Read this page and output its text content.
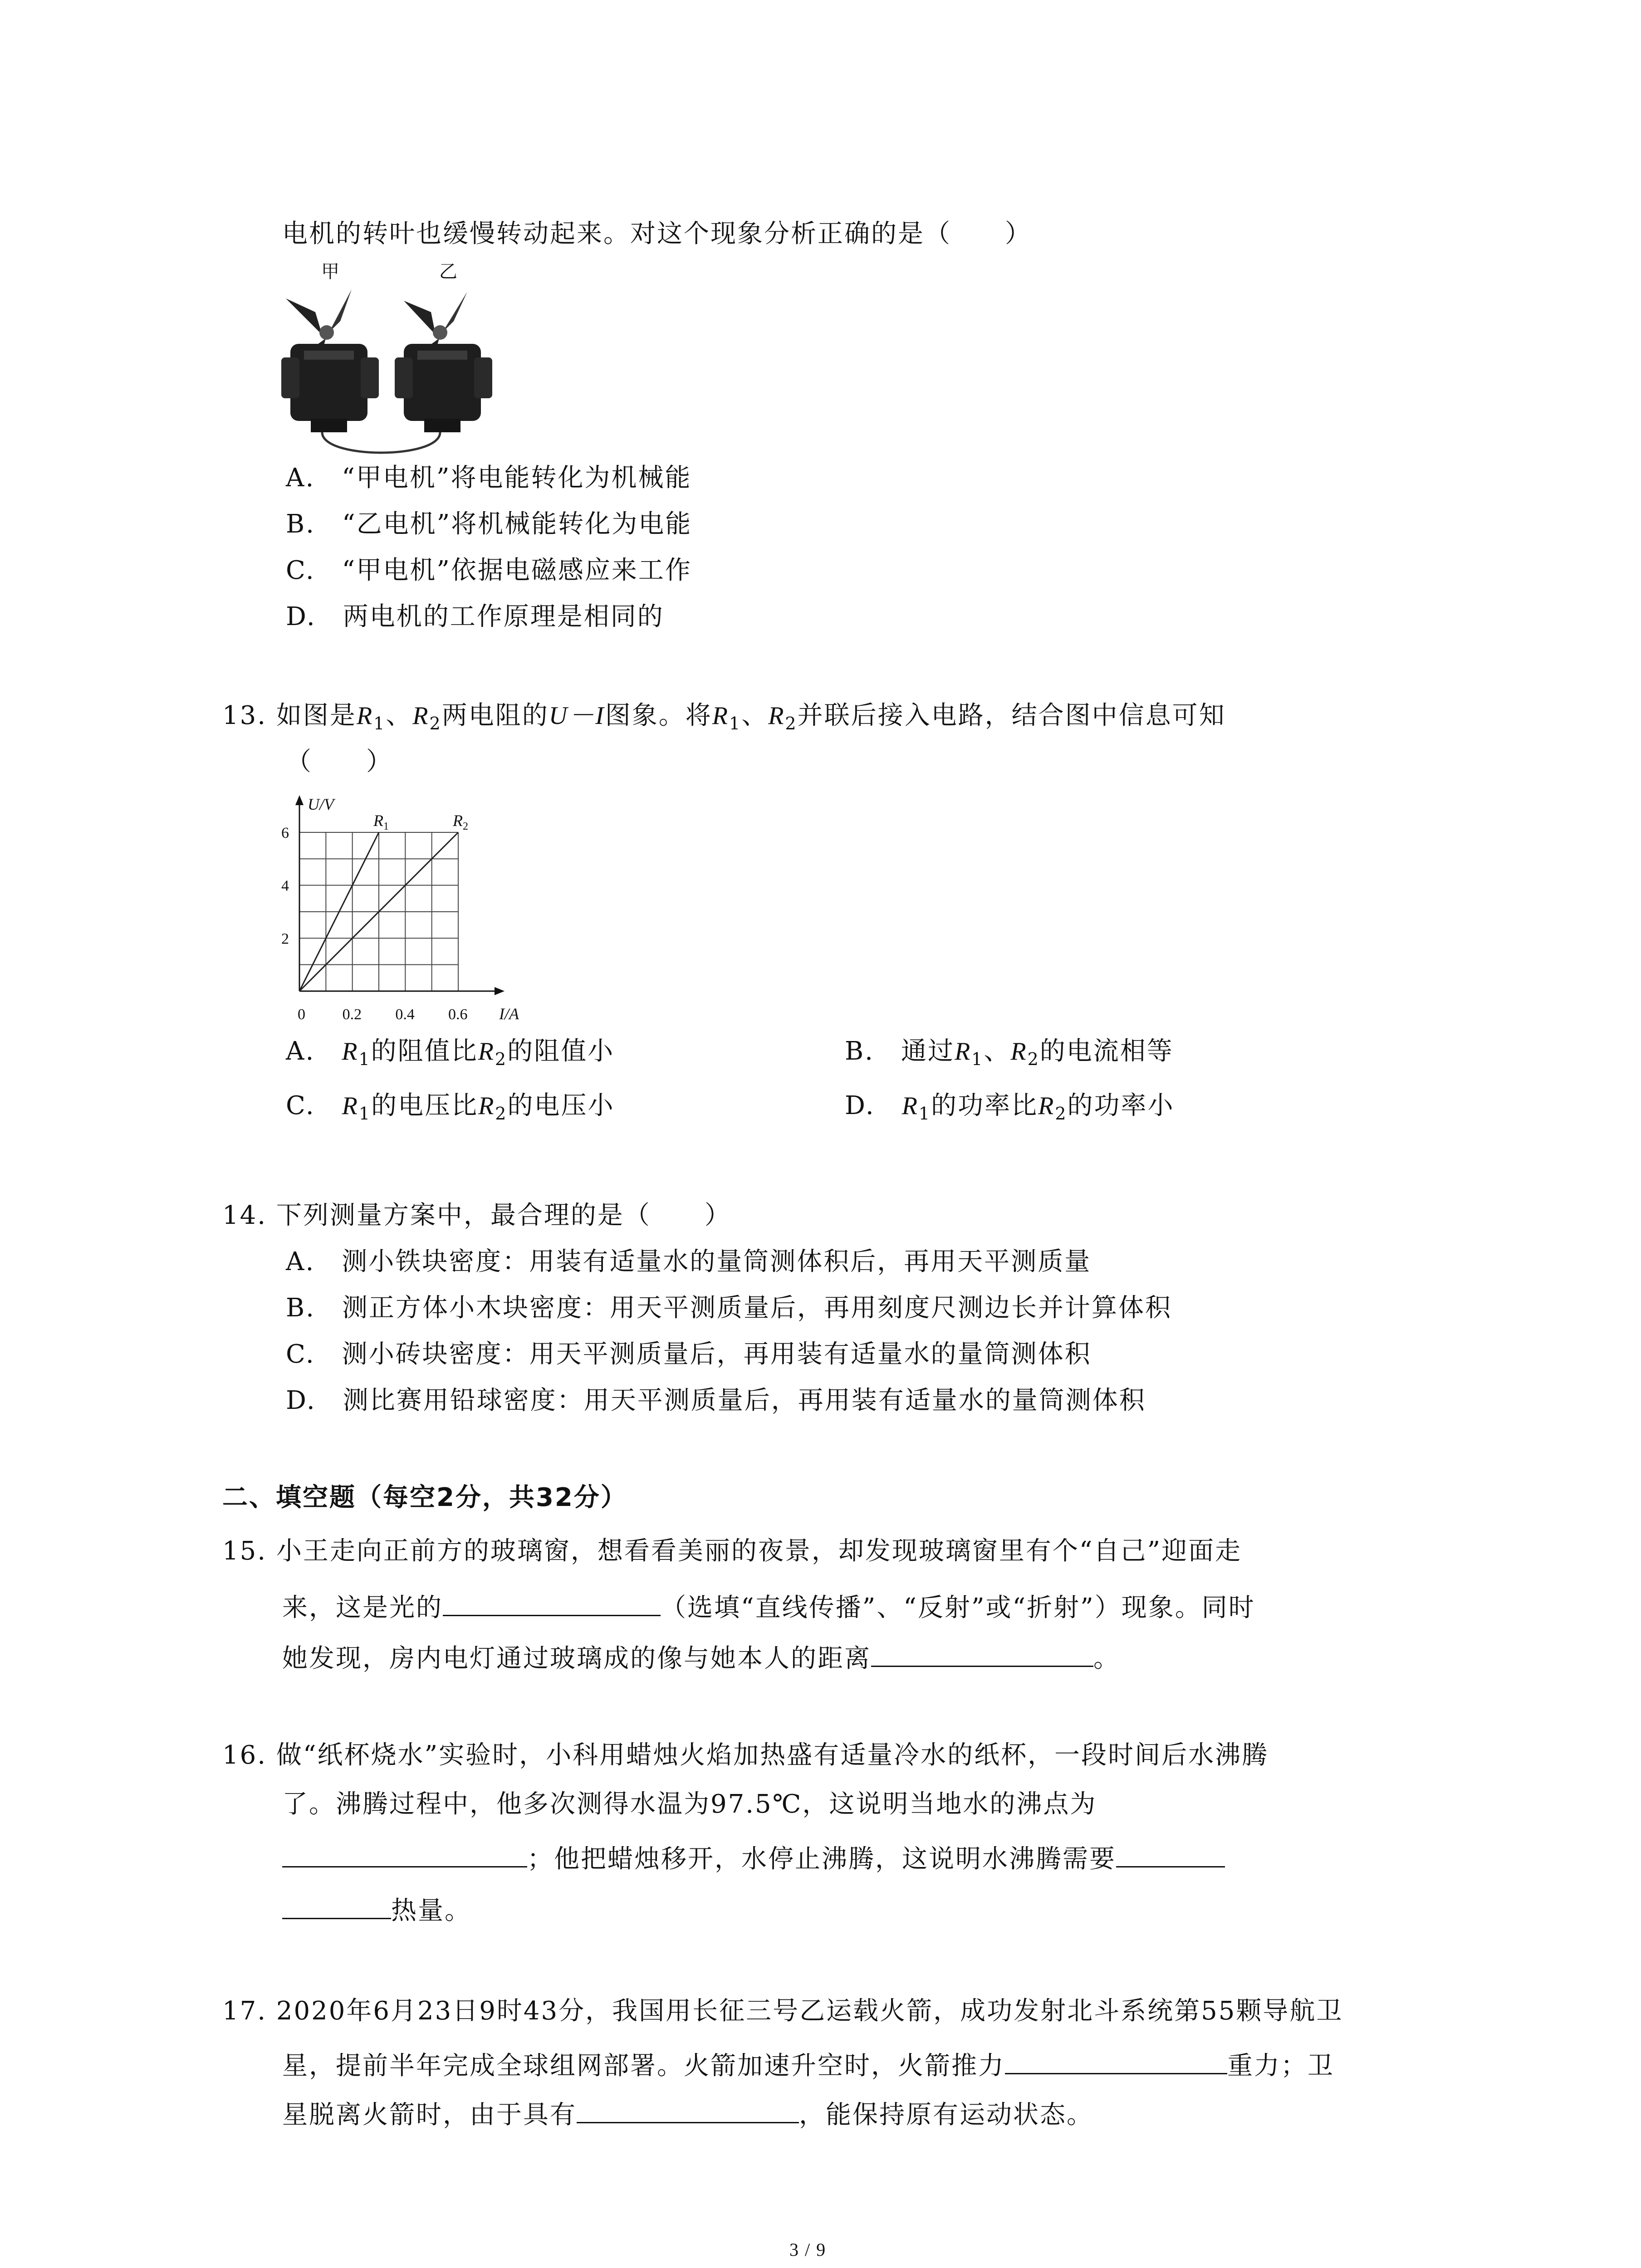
电机的转叶也缓慢转动起来。对这个现象分析正确的是（　　）
甲	乙
A.　“甲电机”将电能转化为机械能
B.　“乙电机”将机械能转化为电能
C.　“甲电机”依据电磁感应来工作
D.　两电机的工作原理是相同的
13. 如图是$R_1$、$R_2$两电阻的U－I图象。将$R_1$、$R_2$并联后接入电路，结合图中信息可知
（　　）
U/V
I/A
0 0.2 0.4 0.6
2
4
6
$R_1$	$R_2$
A.　$R_1$的阻值比$R_2$的阻值小	B.　通过$R_1$、$R_2$的电流相等
C.　$R_1$的电压比$R_2$的电压小	D.　$R_1$的功率比$R_2$的功率小
14. 下列测量方案中，最合理的是（　　）
A.　测小铁块密度：用装有适量水的量筒测体积后，再用天平测质量
B.　测正方体小木块密度：用天平测质量后，再用刻度尺测边长并计算体积
C.　测小砖块密度：用天平测质量后，再用装有适量水的量筒测体积
D.　测比赛用铅球密度：用天平测质量后，再用装有适量水的量筒测体积
二、填空题（每空2分，共32分）
15. 小王走向正前方的玻璃窗，想看看美丽的夜景，却发现玻璃窗里有个“自己”迎面走
来，这是光的	（选填“直线传播”、“反射”或“折射”）现象。同时
她发现，房内电灯通过玻璃成的像与她本人的距离	。
16. 做“纸杯烧水”实验时，小科用蜡烛火焰加热盛有适量冷水的纸杯，一段时间后水沸腾
了。沸腾过程中，他多次测得水温为97.5℃，这说明当地水的沸点为
；他把蜡烛移开，水停止沸腾，这说明水沸腾需要
热量。
17. 2020年6月23日9时43分，我国用长征三号乙运载火箭，成功发射北斗系统第55颗导航卫
星，提前半年完成全球组网部署。火箭加速升空时，火箭推力	重力；卫
星脱离火箭时，由于具有	，能保持原有运动状态。
3 / 9
